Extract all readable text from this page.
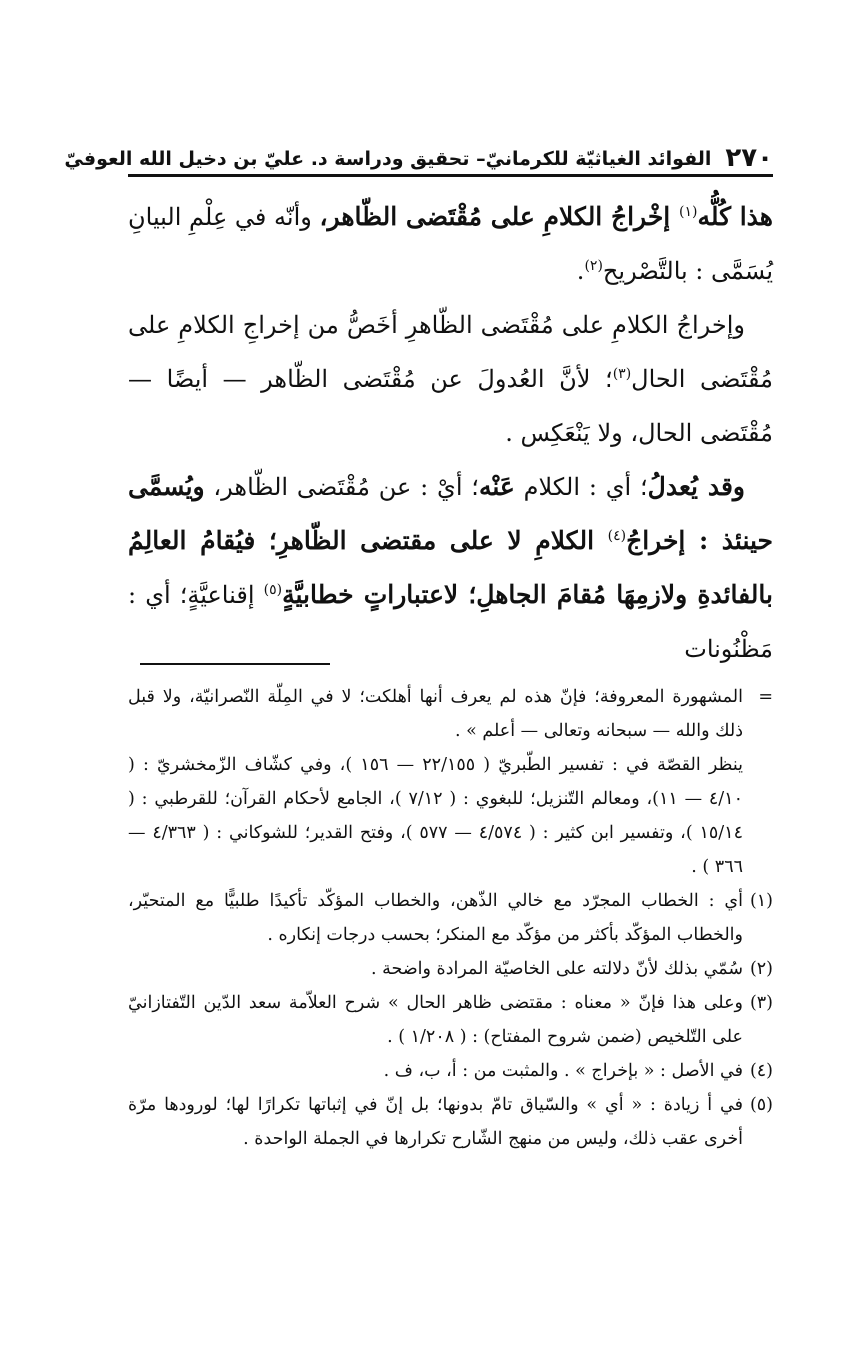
٢٧٠
الفوائد الغياثيّة للكرمانيّ– تحقيق ودراسة د. عليّ بن دخيل الله العوفيّ

هذا كُلُّه$^{(١)}$ إخْراجُ الكلامِ على مُقْتَضى الظّاهر، وأنّه في عِلْمِ البيانِ يُسَمَّى : بالتَّصْريح$^{(٢)}$.

وإخراجُ الكلامِ على مُقْتَضى الظّاهرِ أخَصُّ من إخراجِ الكلامِ على مُقْتَضى الحال$^{(٣)}$؛ لأنَّ العُدولَ عن مُقْتَضى الظّاهر — أيضًا — مُقْتَضى الحال، ولا يَنْعَكِس .

وقد يُعدلُ؛ أي : الكلام عَنْه؛ أيْ : عن مُقْتَضى الظّاهر، ويُسمَّى حينئذ : إخراجُ$^{(٤)}$ الكلامِ لا على مقتضى الظّاهرِ؛ فيُقامُ العالِمُ بالفائدةِ ولازمِهَا مُقامَ الجاهلِ؛ لاعتباراتٍ خطابيَّةٍ$^{(٥)}$ إقناعيَّةٍ؛ أي : مَظْنُونات

=
المشهورة المعروفة؛ فإنّ هذه لم يعرف أنها أهلكت؛ لا في المِلّة النّصرانيّة، ولا قبل ذلك والله — سبحانه وتعالى — أعلم » .

ينظر القصّة في : تفسير الطّبريّ ( ٢٢/١٥٥ — ١٥٦ )، وفي كشّاف الزّمخشريّ : ( ٤/١٠ — ١١)، ومعالم التّنزيل؛ للبغوي : ( ٧/١٢ )، الجامع لأحكام القرآن؛ للقرطبي : ( ١٥/١٤ )، وتفسير ابن كثير : ( ٤/٥٧٤ — ٥٧٧ )، وفتح القدير؛ للشوكاني : ( ٤/٣٦٣ — ٣٦٦ ) .

(١)
أي : الخطاب المجرّد مع خالي الذّهن، والخطاب المؤكّد تأكيدًا طلبيًّا مع المتحيّر، والخطاب المؤكّد بأكثر من مؤكّد مع المنكر؛ بحسب درجات إنكاره .

(٢)
سُمّي بذلك لأنّ دلالته على الخاصيّة المرادة واضحة .

(٣)
وعلى هذا فإنّ « معناه : مقتضى ظاهر الحال » شرح العلاّمة سعد الدّين التّفتازانيّ على التّلخيص (ضمن شروح المفتاح) : ( ١/٢٠٨ ) .

(٤)
في الأصل : « بإخراج » . والمثبت من : أ، ب، ف .

(٥)
في أ زيادة : « أي » والسّياق تامّ بدونها؛ بل إنّ في إثباتها تكرارًا لها؛ لورودها مرّة أخرى عقب ذلك، وليس من منهج الشّارح تكرارها في الجملة الواحدة .
